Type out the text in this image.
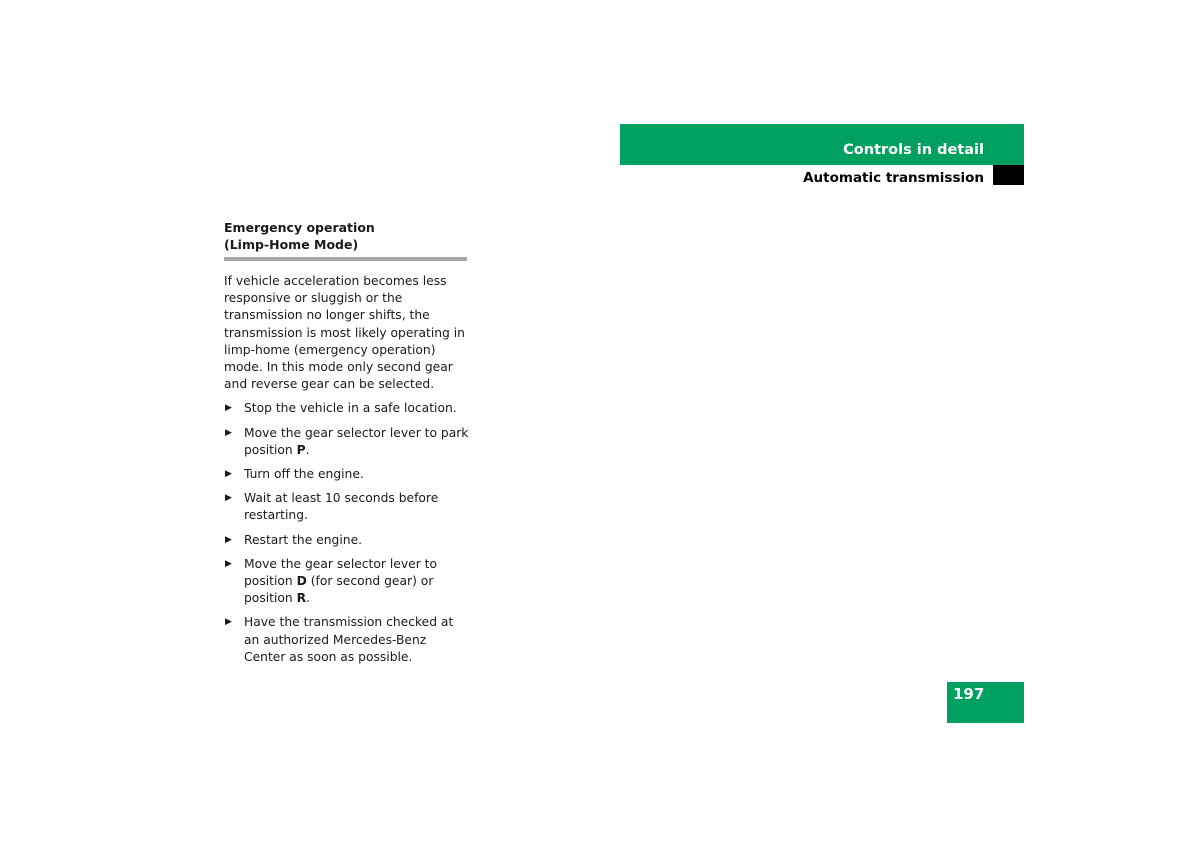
Controls in detail
Automatic transmission
Emergency operation
(Limp-Home Mode)

If vehicle acceleration becomes less responsive or sluggish or the transmission no longer shifts, the transmission is most likely operating in limp-home (emergency operation) mode. In this mode only second gear and reverse gear can be selected.

▶ Stop the vehicle in a safe location.
▶ Move the gear selector lever to park position P.
▶ Turn off the engine.
▶ Wait at least 10 seconds before restarting.
▶ Restart the engine.
▶ Move the gear selector lever to position D (for second gear) or position R.
▶ Have the transmission checked at an authorized Mercedes-Benz Center as soon as possible.
197
